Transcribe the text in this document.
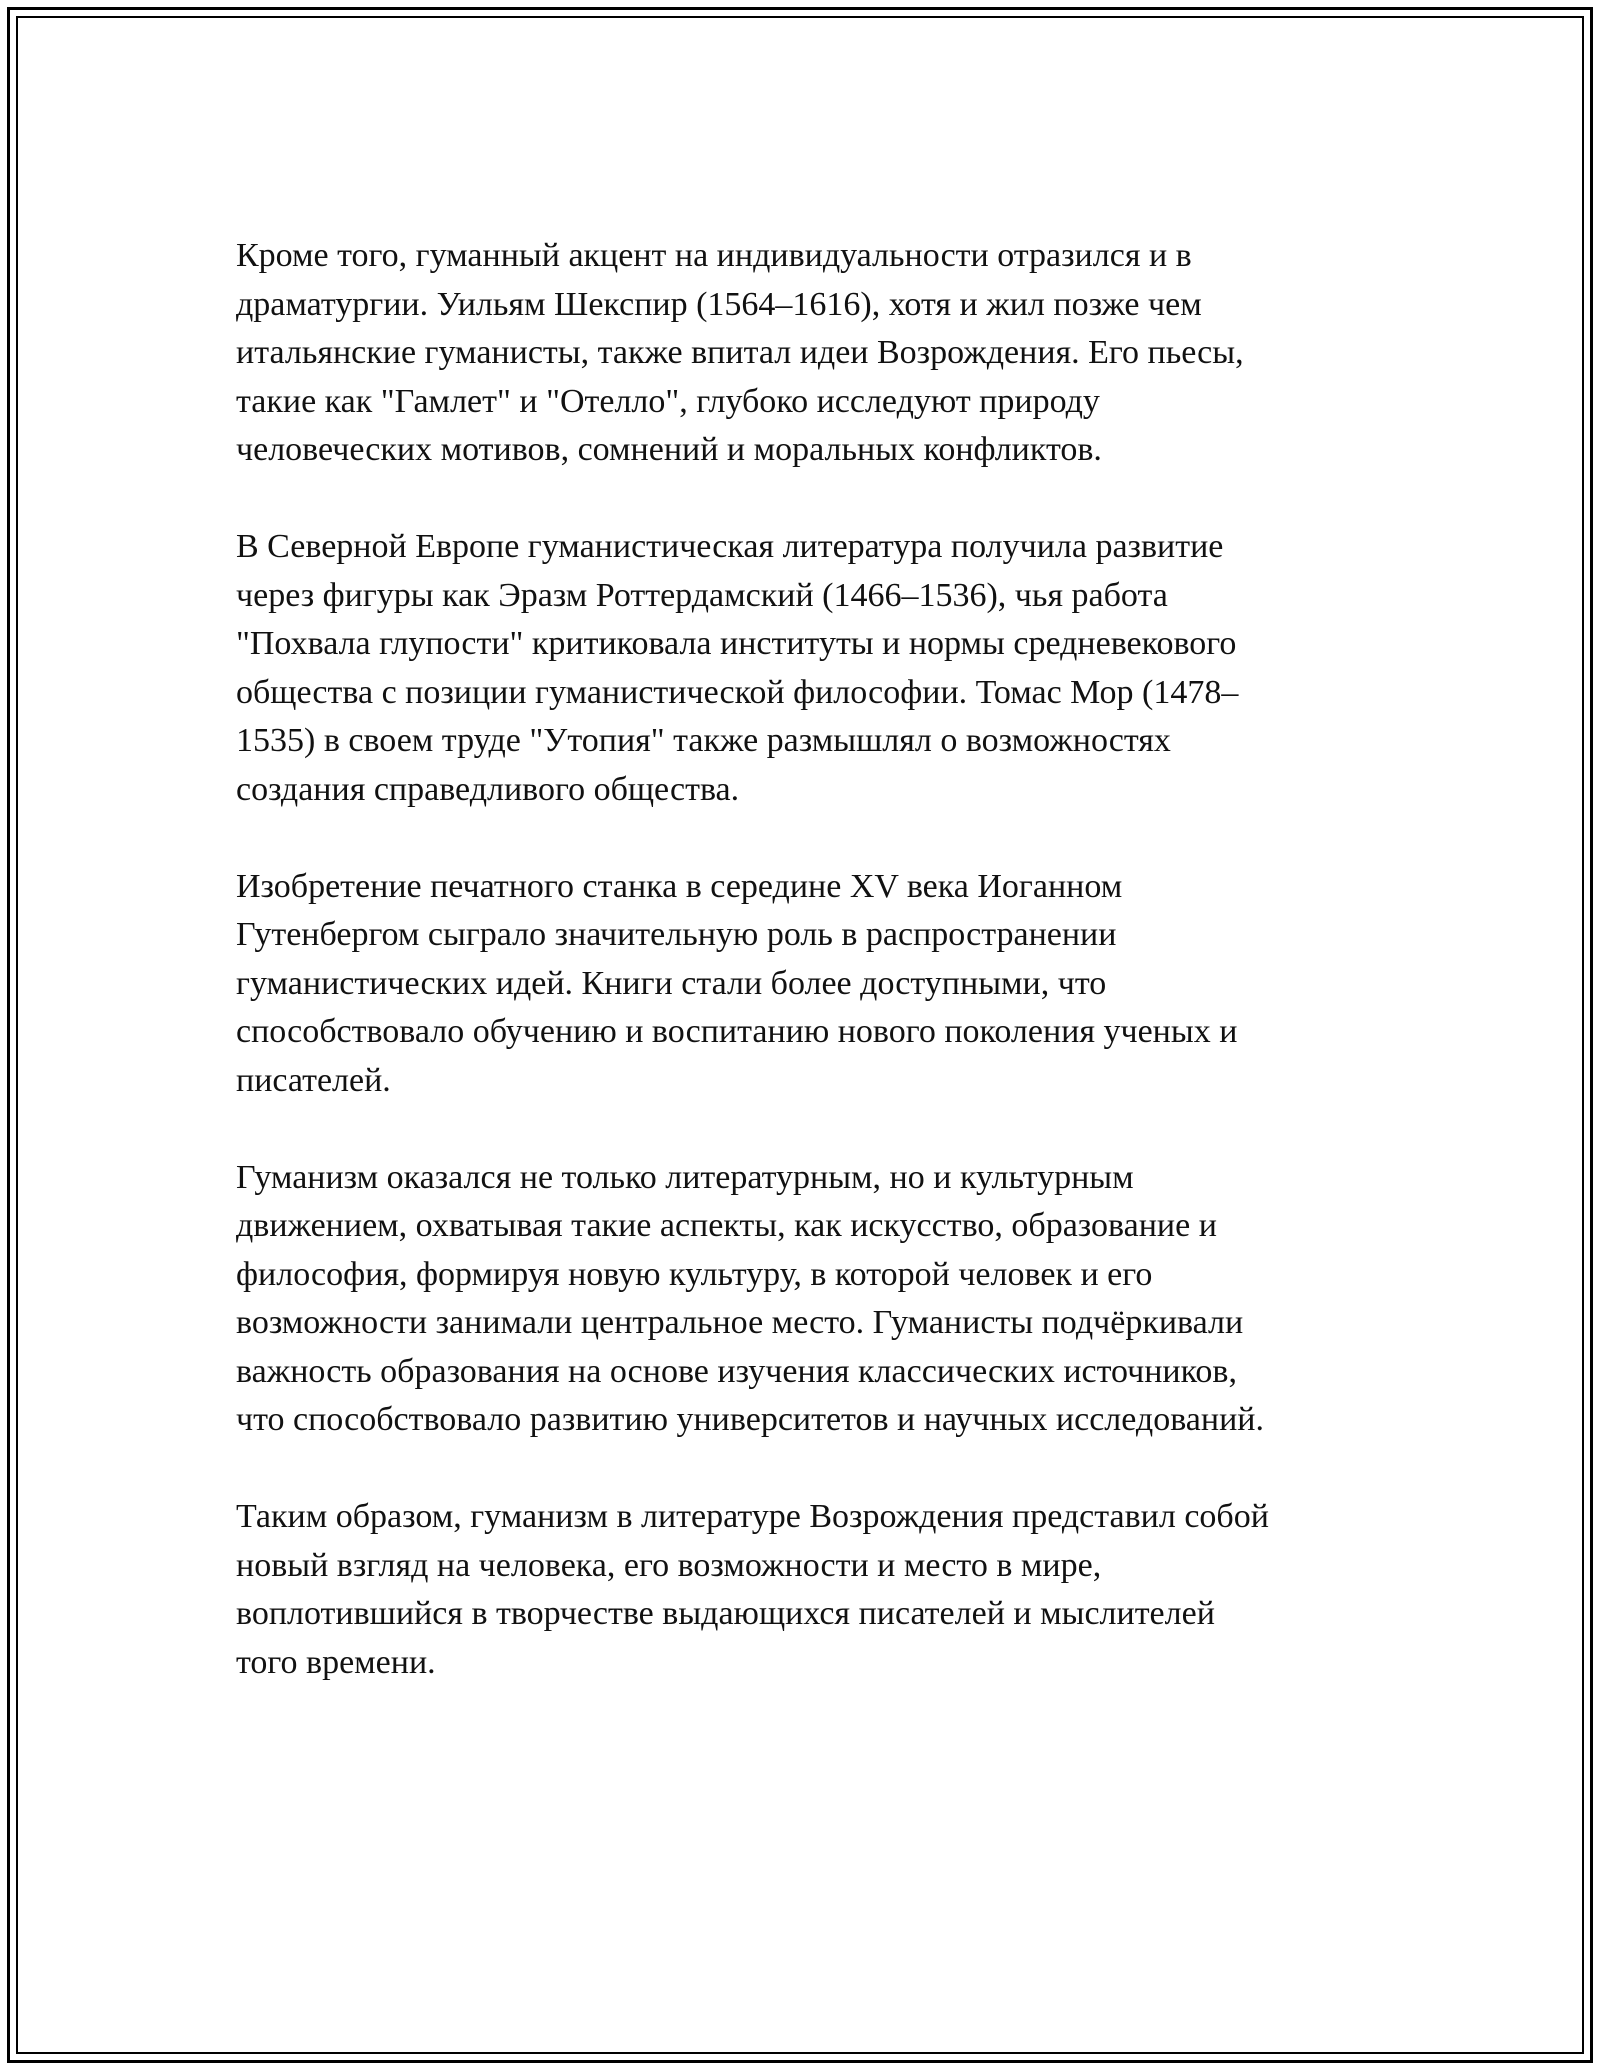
Кроме того, гуманный акцент на индивидуальности отразился и в
драматургии. Уильям Шекспир (1564–1616), хотя и жил позже чем
итальянские гуманисты, также впитал идеи Возрождения. Его пьесы,
такие как "Гамлет" и "Отелло", глубоко исследуют природу
человеческих мотивов, сомнений и моральных конфликтов.

В Северной Европе гуманистическая литература получила развитие
через фигуры как Эразм Роттердамский (1466–1536), чья работа
"Похвала глупости" критиковала институты и нормы средневекового
общества с позиции гуманистической философии. Томас Мор (1478–
1535) в своем труде "Утопия" также размышлял о возможностях
создания справедливого общества.

Изобретение печатного станка в середине XV века Иоганном
Гутенбергом сыграло значительную роль в распространении
гуманистических идей. Книги стали более доступными, что
способствовало обучению и воспитанию нового поколения ученых и
писателей.

Гуманизм оказался не только литературным, но и культурным
движением, охватывая такие аспекты, как искусство, образование и
философия, формируя новую культуру, в которой человек и его
возможности занимали центральное место. Гуманисты подчёркивали
важность образования на основе изучения классических источников,
что способствовало развитию университетов и научных исследований.

Таким образом, гуманизм в литературе Возрождения представил собой
новый взгляд на человека, его возможности и место в мире,
воплотившийся в творчестве выдающихся писателей и мыслителей
того времени.
